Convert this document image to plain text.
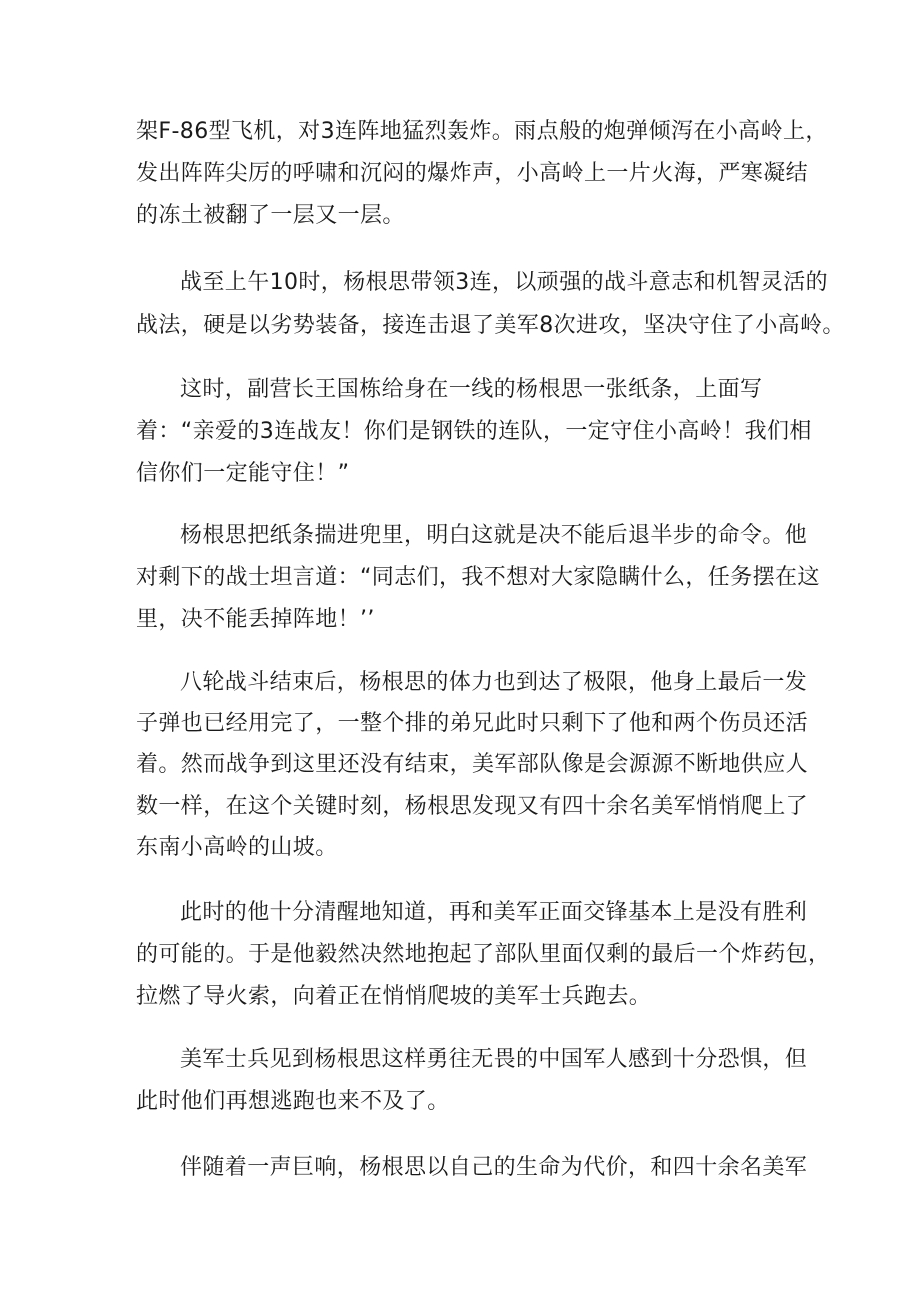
架F-86型飞机，对3连阵地猛烈轰炸。雨点般的炮弹倾泻在小高岭上，
发出阵阵尖厉的呼啸和沉闷的爆炸声，小高岭上一片火海，严寒凝结
的冻土被翻了一层又一层。
战至上午10时，杨根思带领3连，以顽强的战斗意志和机智灵活的
战法，硬是以劣势装备，接连击退了美军8次进攻，坚决守住了小高岭。
这时，副营长王国栋给身在一线的杨根思一张纸条，上面写
着：“亲爱的3连战友！你们是钢铁的连队，一定守住小高岭！我们相
信你们一定能守住！”
杨根思把纸条揣进兜里，明白这就是决不能后退半步的命令。他
对剩下的战士坦言道：“同志们，我不想对大家隐瞒什么，任务摆在这
里，决不能丢掉阵地！’’
八轮战斗结束后，杨根思的体力也到达了极限，他身上最后一发
子弹也已经用完了，一整个排的弟兄此时只剩下了他和两个伤员还活
着。然而战争到这里还没有结束，美军部队像是会源源不断地供应人
数一样，在这个关键时刻，杨根思发现又有四十余名美军悄悄爬上了
东南小高岭的山坡。
此时的他十分清醒地知道，再和美军正面交锋基本上是没有胜利
的可能的。于是他毅然决然地抱起了部队里面仅剩的最后一个炸药包，
拉燃了导火索，向着正在悄悄爬坡的美军士兵跑去。
美军士兵见到杨根思这样勇往无畏的中国军人感到十分恐惧，但
此时他们再想逃跑也来不及了。
伴随着一声巨响，杨根思以自己的生命为代价，和四十余名美军
